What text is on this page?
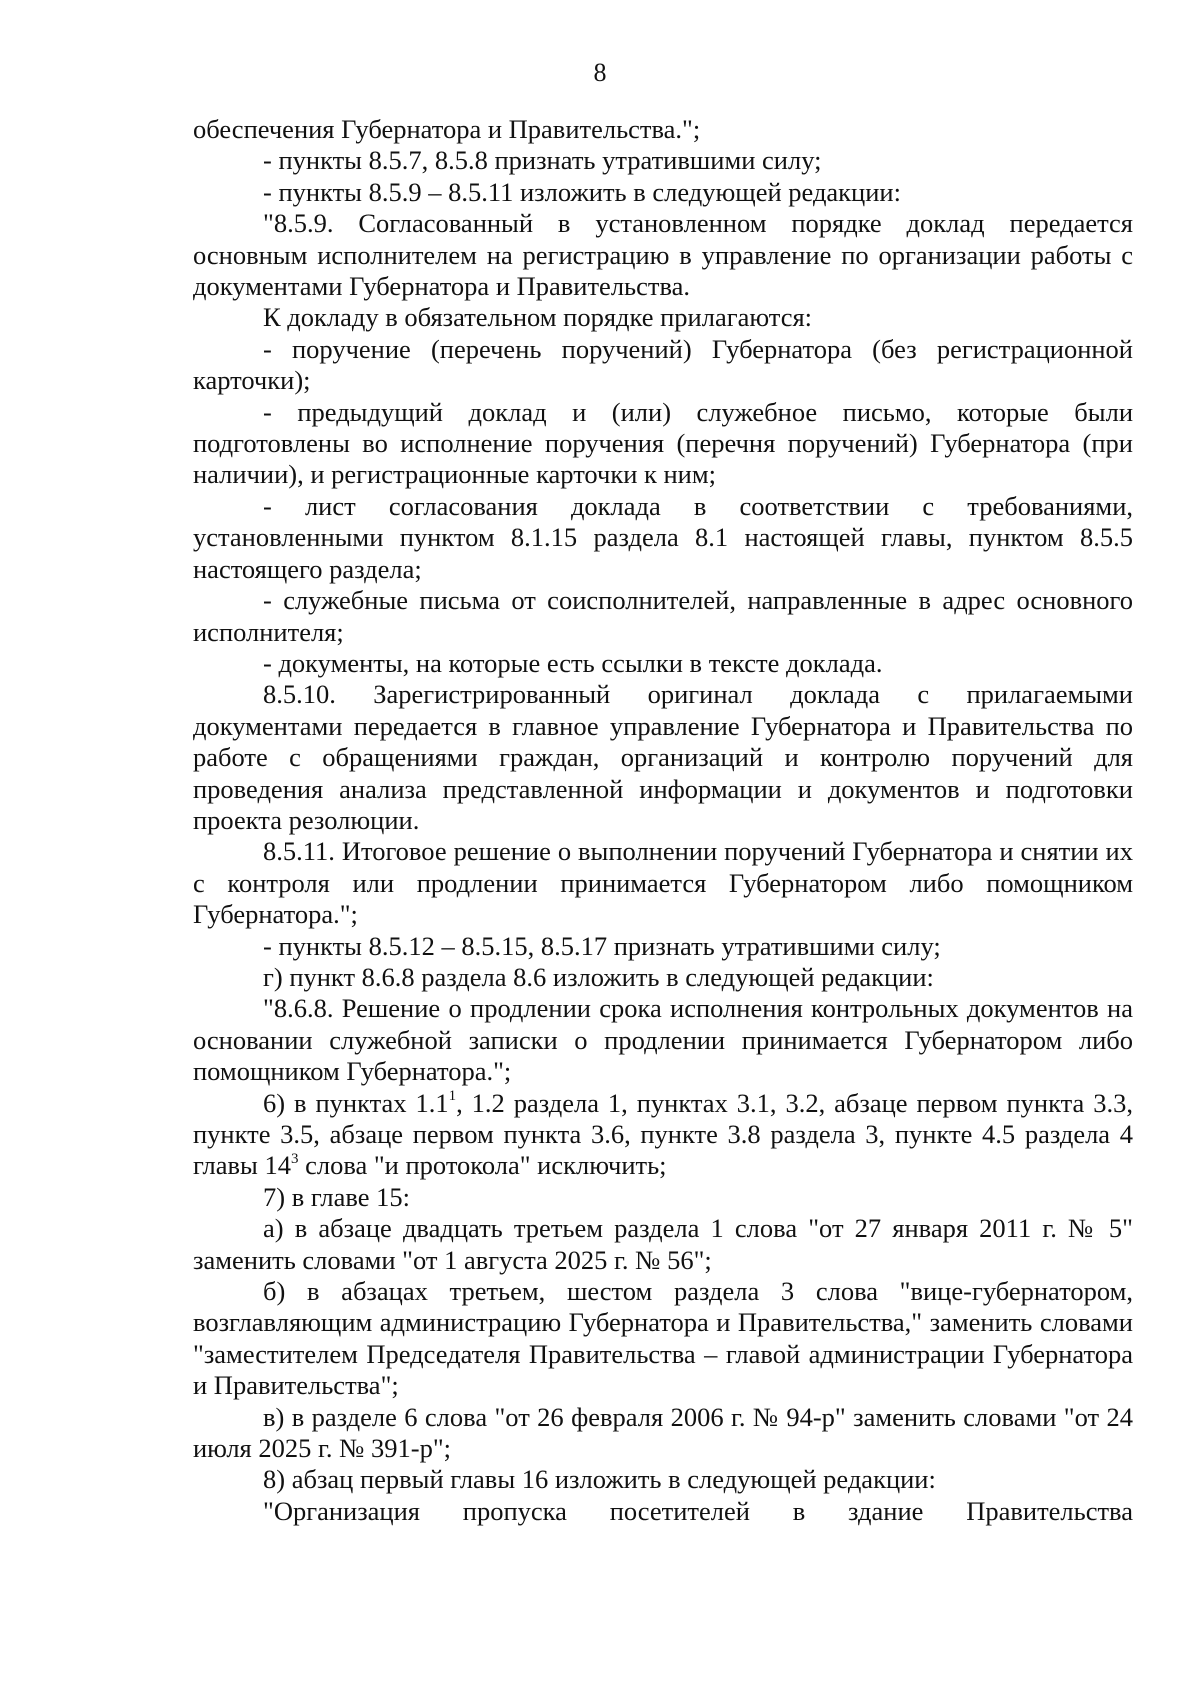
8

обеспечения Губернатора и Правительства.";

- пункты 8.5.7, 8.5.8 признать утратившими силу;

- пункты 8.5.9 – 8.5.11 изложить в следующей редакции:

"8.5.9. Согласованный в установленном порядке доклад передается основным исполнителем на регистрацию в управление по организации работы с документами Губернатора и Правительства.

К докладу в обязательном порядке прилагаются:

- поручение (перечень поручений) Губернатора (без регистрационной карточки);

- предыдущий доклад и (или) служебное письмо, которые были подготовлены во исполнение поручения (перечня поручений) Губернатора (при наличии), и регистрационные карточки к ним;

- лист согласования доклада в соответствии с требованиями, установленными пунктом 8.1.15 раздела 8.1 настоящей главы, пунктом 8.5.5 настоящего раздела;

- служебные письма от соисполнителей, направленные в адрес основного исполнителя;

- документы, на которые есть ссылки в тексте доклада.

8.5.10. Зарегистрированный оригинал доклада с прилагаемыми документами передается в главное управление Губернатора и Правительства по работе с обращениями граждан, организаций и контролю поручений для проведения анализа представленной информации и документов и подготовки проекта резолюции.

8.5.11. Итоговое решение о выполнении поручений Губернатора и снятии их с контроля или продлении принимается Губернатором либо помощником Губернатора.";

- пункты 8.5.12 – 8.5.15, 8.5.17 признать утратившими силу;

г) пункт 8.6.8 раздела 8.6 изложить в следующей редакции:

"8.6.8. Решение о продлении срока исполнения контрольных документов на основании служебной записки о продлении принимается Губернатором либо помощником Губернатора.";

6) в пунктах $1.1^1$, 1.2 раздела 1, пунктах 3.1, 3.2, абзаце первом пункта 3.3, пункте 3.5, абзаце первом пункта 3.6, пункте 3.8 раздела 3, пункте 4.5 раздела 4 главы $14^3$ слова "и протокола" исключить;

7) в главе 15:

а) в абзаце двадцать третьем раздела 1 слова "от 27 января 2011 г. № 5" заменить словами "от 1 августа 2025 г. № 56";

б) в абзацах третьем, шестом раздела 3 слова "вице-губернатором, возглавляющим администрацию Губернатора и Правительства," заменить словами "заместителем Председателя Правительства – главой администрации Губернатора и Правительства";

в) в разделе 6 слова "от 26 февраля 2006 г. № 94-р" заменить словами "от 24 июля 2025 г. № 391-р";

8) абзац первый главы 16 изложить в следующей редакции:

"Организация пропуска посетителей в здание Правительства
